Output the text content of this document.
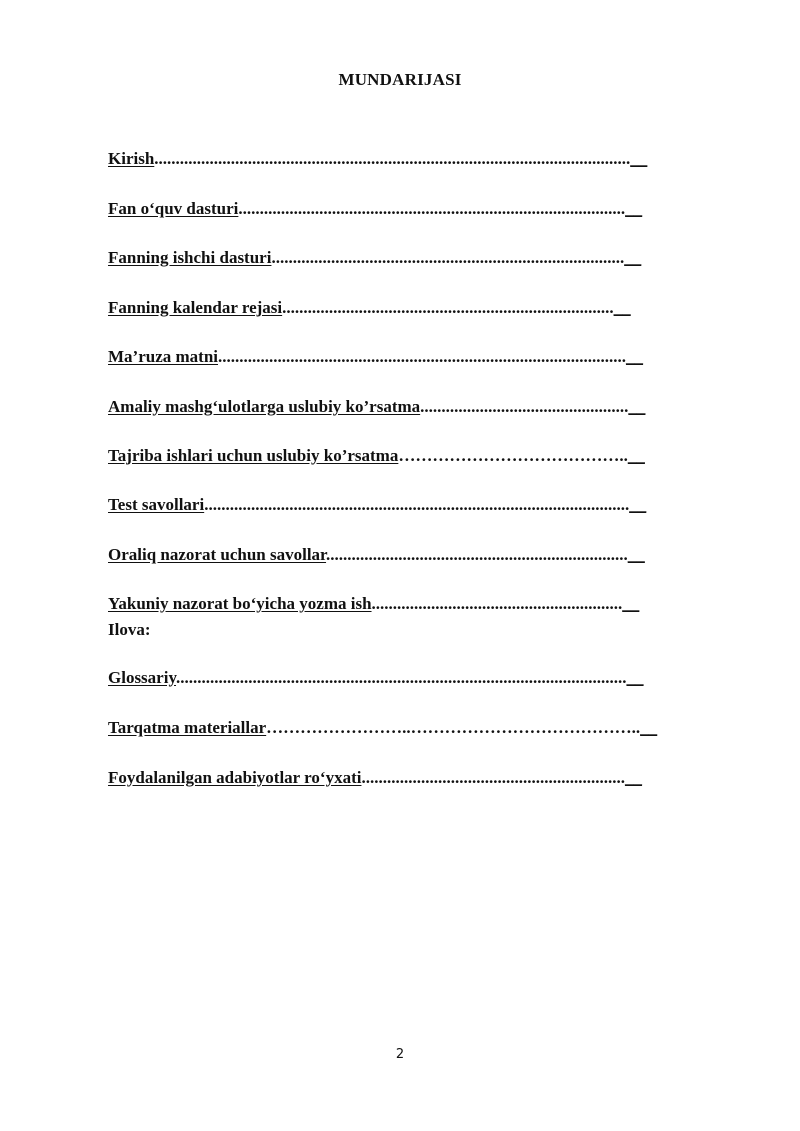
MUNDARIJASI
Kirish................................................................................................................__
Fan o‘quv dasturi...........................................................................................__
Fanning ishchi dasturi...................................................................................__
Fanning kalendar rejasi..............................................................................__
Ma’ruza matni................................................................................................__
Amaliy mashg‘ulotlarga uslubiy ko’rsatma.................................................__
Tajriba ishlari uchun uslubiy ko’rsatma…………………………………..__
Test savollari....................................................................................................__
Oraliq nazorat uchun savollar.......................................................................__
Yakuniy nazorat bo‘yicha yozma ish...........................................................__
Ilova:
Glossariy..........................................................................................................__
Tarqatma materiallar……………………..…………………………………..__
Foydalanilgan adabiyotlar ro‘yxati..............................................................__
2
